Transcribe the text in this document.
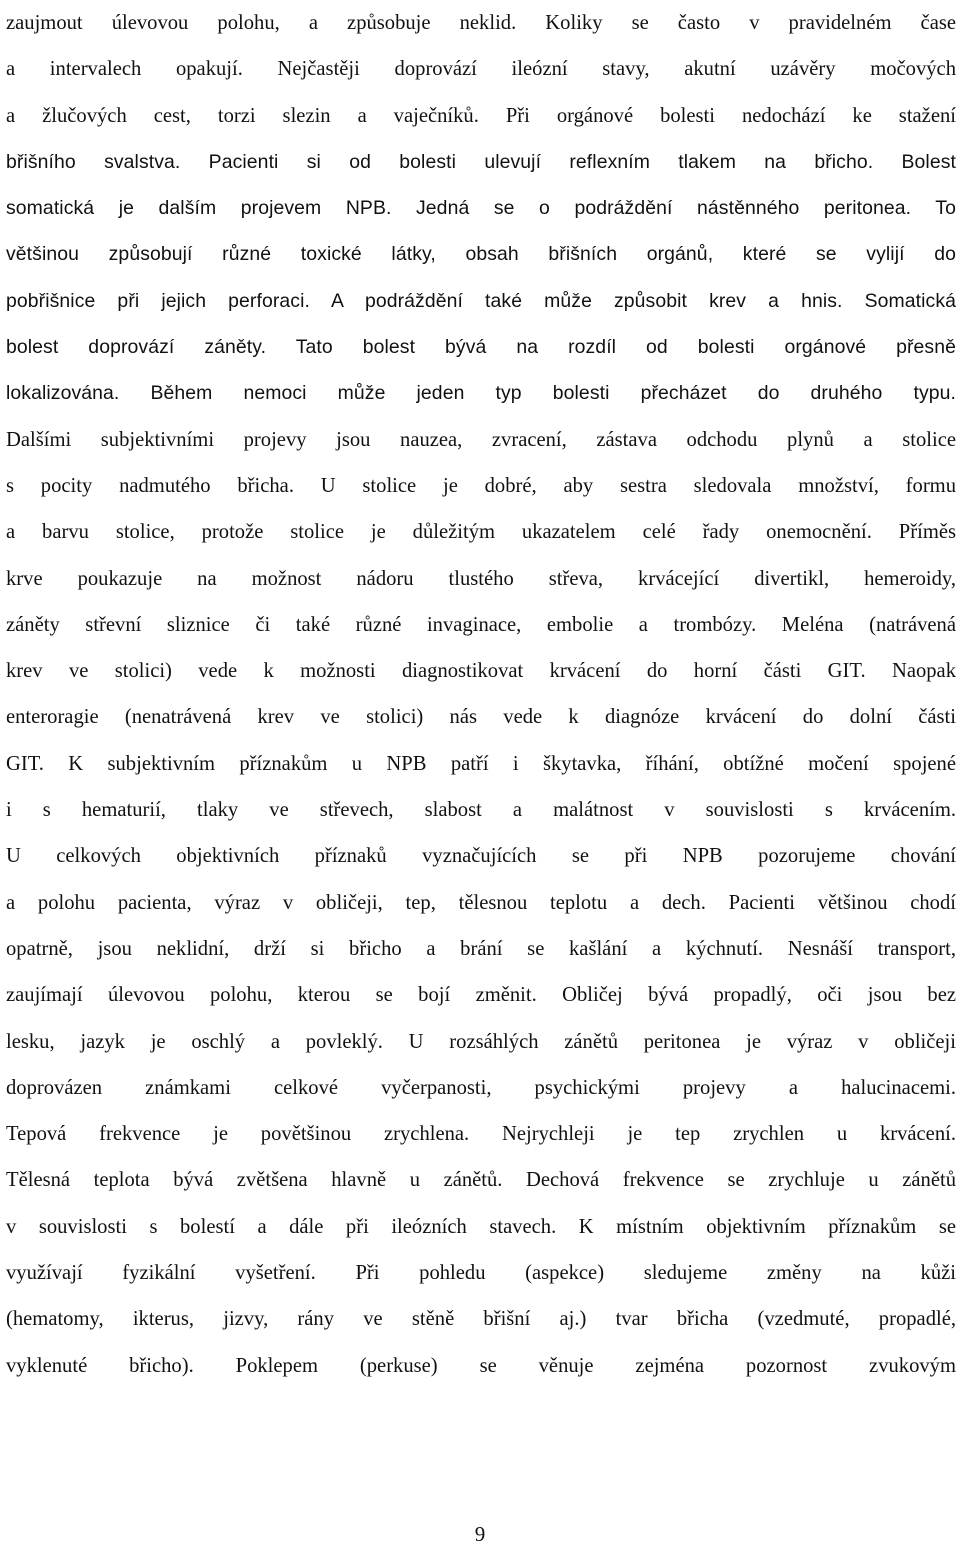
zaujmout úlevovou polohu, a způsobuje neklid. Koliky se často v pravidelném čase
a intervalech opakují. Nejčastěji doprovází ileózní stavy, akutní uzávěry močových
a žlučových cest, torzi slezin a vaječníků. Při orgánové bolesti nedochází ke stažení
břišního svalstva. Pacienti si od bolesti ulevují reflexním tlakem na břicho. Bolest
somatická je dalším projevem NPB. Jedná se o podráždění nástěnného peritonea. To
většinou způsobují různé toxické látky, obsah břišních orgánů, které se vylijí do
pobřišnice při jejich perforaci. A podráždění také může způsobit krev a hnis. Somatická
bolest doprovází záněty. Tato bolest bývá na rozdíl od bolesti orgánové přesně
lokalizována. Během nemoci může jeden typ bolesti přecházet do druhého typu.
Dalšími subjektivními projevy jsou nauzea, zvracení, zástava odchodu plynů a stolice
s pocity nadmutého břicha. U stolice je dobré, aby sestra sledovala množství, formu
a barvu stolice, protože stolice je důležitým ukazatelem celé řady onemocnění. Příměs
krve poukazuje na možnost nádoru tlustého střeva, krvácející divertikl, hemeroidy,
záněty střevní sliznice či také různé invaginace, embolie a trombózy. Meléna (natrávená
krev ve stolici) vede k možnosti diagnostikovat krvácení do horní části GIT. Naopak
enteroragie (nenatrávená krev ve stolici) nás vede k diagnóze krvácení do dolní části
GIT. K subjektivním příznakům u NPB patří i škytavka, říhání, obtížné močení spojené
i s hematurií, tlaky ve střevech, slabost a malátnost v souvislosti s krvácením.
U celkových objektivních příznaků vyznačujících se při NPB pozorujeme chování
a polohu pacienta, výraz v obličeji, tep, tělesnou teplotu a dech. Pacienti většinou chodí
opatrně, jsou neklidní, drží si břicho a brání se kašlání a kýchnutí. Nesnáší transport,
zaujímají úlevovou polohu, kterou se bojí změnit. Obličej bývá propadlý, oči jsou bez
lesku, jazyk je oschlý a povleklý. U rozsáhlých zánětů peritonea je výraz v obličeji
doprovázen známkami celkové vyčerpanosti, psychickými projevy a halucinacemi.
Tepová frekvence je povětšinou zrychlena. Nejrychleji je tep zrychlen u krvácení.
Tělesná teplota bývá zvětšena hlavně u zánětů. Dechová frekvence se zrychluje u zánětů
v souvislosti s bolestí a dále při ileózních stavech. K místním objektivním příznakům se
využívají fyzikální vyšetření. Při pohledu (aspekce) sledujeme změny na kůži
(hematomy, ikterus, jizvy, rány ve stěně břišní aj.) tvar břicha (vzedmuté, propadlé,
vyklenuté břicho). Poklepem (perkuse) se věnuje zejména pozornost zvukovým
9
